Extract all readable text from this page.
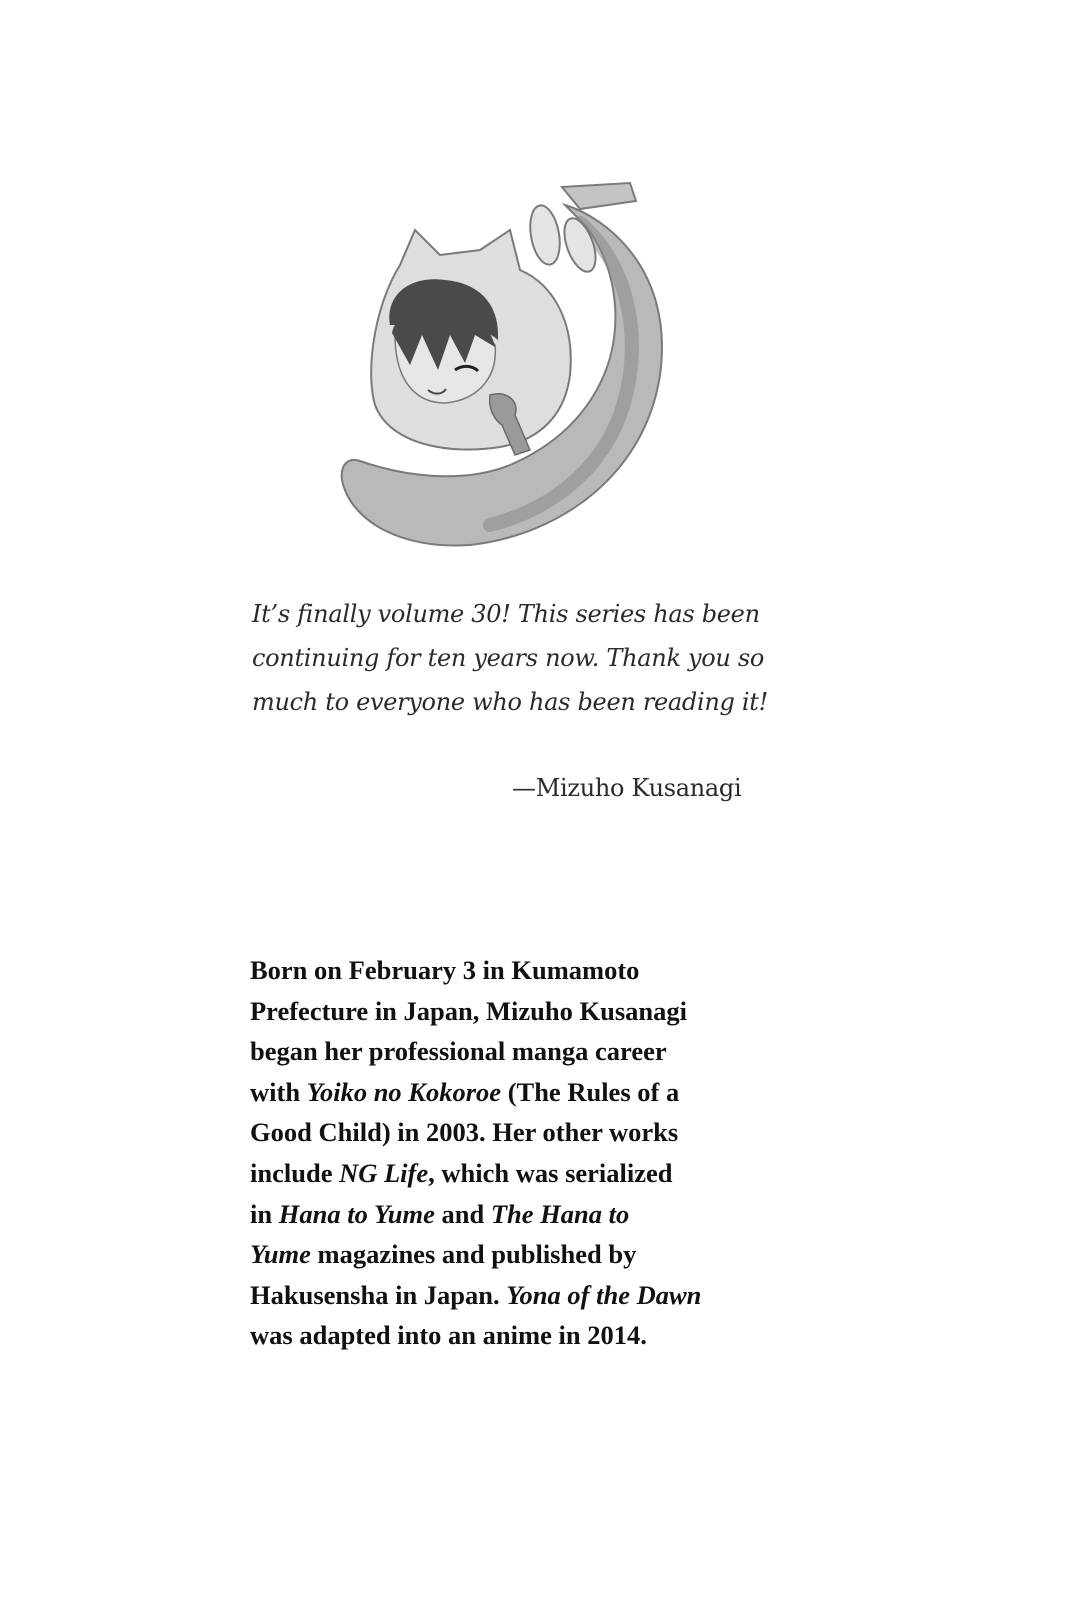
It’s finally volume 30! This series has been
continuing for ten years now. Thank you so
much to everyone who has been reading it!
—Mizuho Kusanagi
Born on February 3 in Kumamoto
Prefecture in Japan, Mizuho Kusanagi
began her professional manga career
with Yoiko no Kokoroe (The Rules of a
Good Child) in 2003. Her other works
include NG Life, which was serialized
in Hana to Yume and The Hana to
Yume magazines and published by
Hakusensha in Japan. Yona of the Dawn
was adapted into an anime in 2014.
